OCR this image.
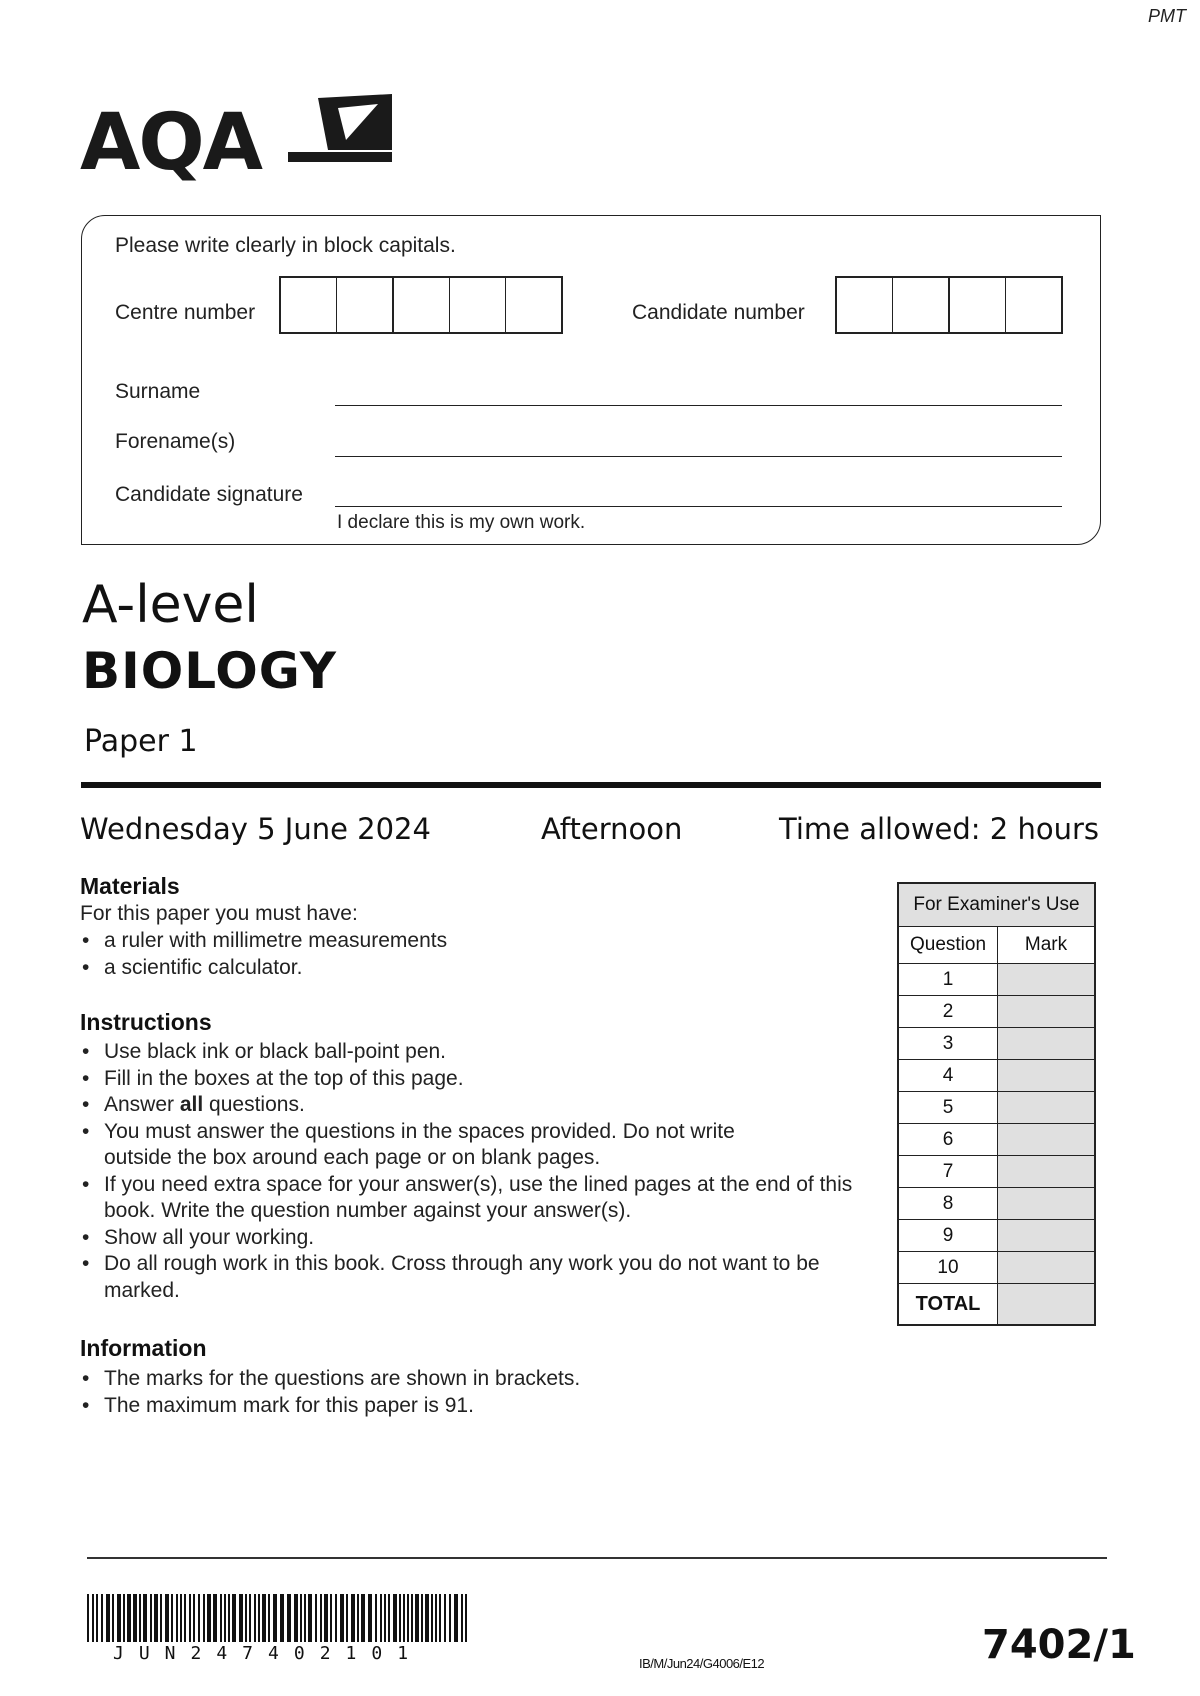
PMT
AQA
Please write clearly in block capitals.
Centre number	Candidate number
Surname
Forename(s)
Candidate signature
I declare this is my own work.
A-level
BIOLOGY
Paper 1
Wednesday 5 June 2024	Afternoon	Time allowed: 2 hours
Materials
For this paper you must have:
• a ruler with millimetre measurements
• a scientific calculator.
Instructions
• Use black ink or black ball-point pen.
• Fill in the boxes at the top of this page.
• Answer all questions.
• You must answer the questions in the spaces provided. Do not write outside the box around each page or on blank pages.
• If you need extra space for your answer(s), use the lined pages at the end of this book. Write the question number against your answer(s).
• Show all your working.
• Do all rough work in this book. Cross through any work you do not want to be marked.
Information
• The marks for the questions are shown in brackets.
• The maximum mark for this paper is 91.
For Examiner's Use	
Question	Mark
1	
2	
3	
4	
5	
6	
7	
8	
9	
10	
TOTAL	
JUN247402101	IB/M/Jun24/G4006/E12	7402/1
